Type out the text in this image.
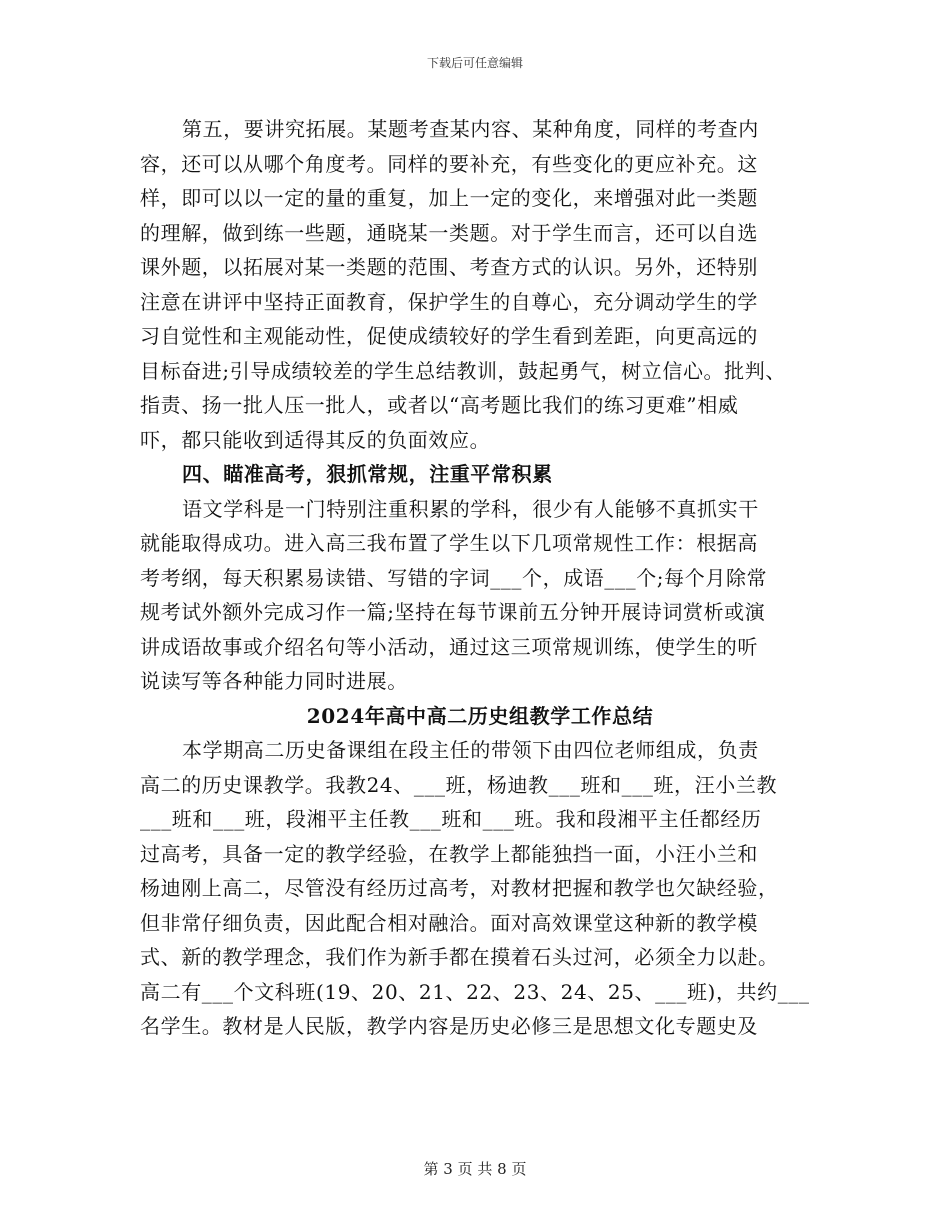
下载后可任意编辑
第五，要讲究拓展。某题考查某内容、某种角度，同样的考查内
容，还可以从哪个角度考。同样的要补充，有些变化的更应补充。这
样，即可以以一定的量的重复，加上一定的变化，来增强对此一类题
的理解，做到练一些题，通晓某一类题。对于学生而言，还可以自选
课外题，以拓展对某一类题的范围、考查方式的认识。另外，还特别
注意在讲评中坚持正面教育，保护学生的自尊心，充分调动学生的学
习自觉性和主观能动性，促使成绩较好的学生看到差距，向更高远的
目标奋进;引导成绩较差的学生总结教训，鼓起勇气，树立信心。批判、
指责、扬一批人压一批人，或者以“高考题比我们的练习更难”相威
吓，都只能收到适得其反的负面效应。
四、瞄准高考，狠抓常规，注重平常积累
语文学科是一门特别注重积累的学科，很少有人能够不真抓实干
就能取得成功。进入高三我布置了学生以下几项常规性工作：根据高
考考纲，每天积累易读错、写错的字词___个，成语___个;每个月除常
规考试外额外完成习作一篇;坚持在每节课前五分钟开展诗词赏析或演
讲成语故事或介绍名句等小活动，通过这三项常规训练，使学生的听
说读写等各种能力同时进展。
2024年高中高二历史组教学工作总结
本学期高二历史备课组在段主任的带领下由四位老师组成，负责
高二的历史课教学。我教24、___班，杨迪教___班和___班，汪小兰教
___班和___班，段湘平主任教___班和___班。我和段湘平主任都经历
过高考，具备一定的教学经验，在教学上都能独挡一面，小汪小兰和
杨迪刚上高二，尽管没有经历过高考，对教材把握和教学也欠缺经验，
但非常仔细负责，因此配合相对融洽。面对高效课堂这种新的教学模
式、新的教学理念，我们作为新手都在摸着石头过河，必须全力以赴。
高二有___个文科班(19、20、21、22、23、24、25、___班)，共约___
名学生。教材是人民版，教学内容是历史必修三是思想文化专题史及
第 3 页 共 8 页
